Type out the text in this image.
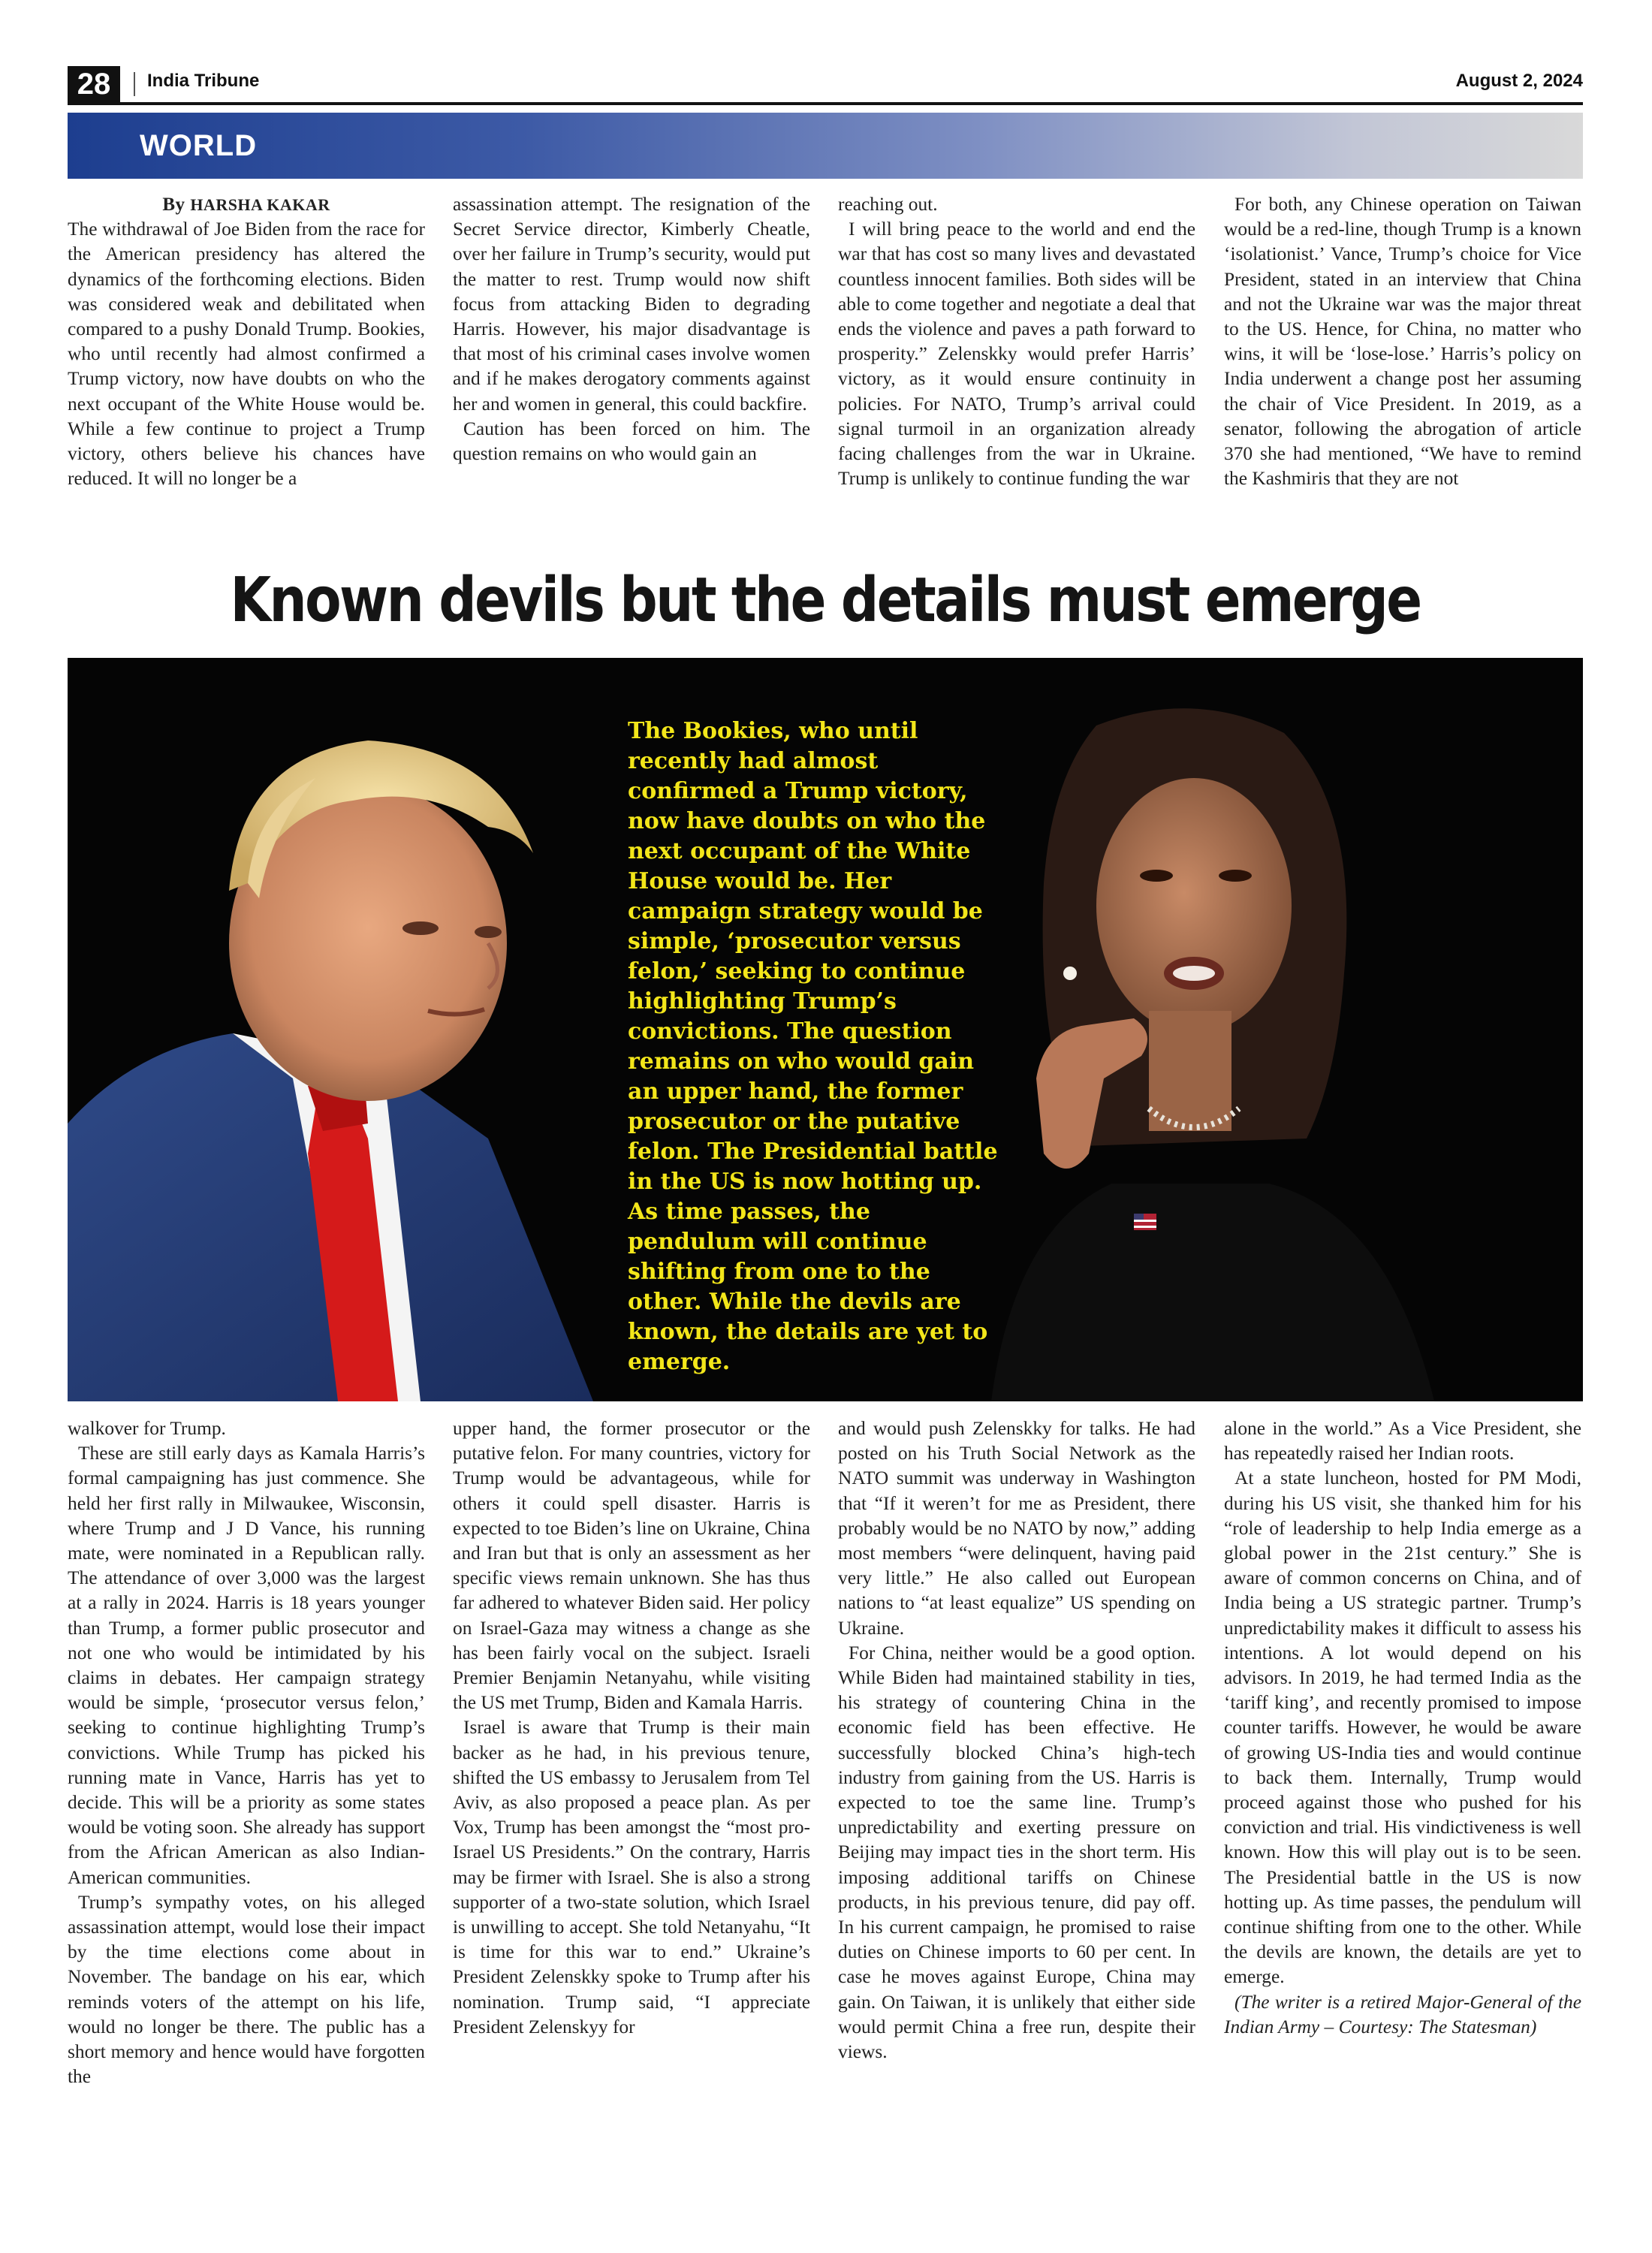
28	India Tribune	August 2, 2024
WORLD
By HARSHA KAKAR

The withdrawal of Joe Biden from the race for the American presidency has altered the dynamics of the forthcoming elections. Biden was considered weak and debilitated when compared to a pushy Donald Trump. Bookies, who until recently had almost confirmed a Trump victory, now have doubts on who the next occupant of the White House would be. While a few continue to project a Trump victory, others believe his chances have reduced. It will no longer be a

assassination attempt. The resignation of the Secret Service director, Kimberly Cheatle, over her failure in Trump’s security, would put the matter to rest. Trump would now shift focus from attacking Biden to degrading Harris. However, his major disadvantage is that most of his criminal cases involve women and if he makes derogatory comments against her and women in general, this could backfire.

Caution has been forced on him. The question remains on who would gain an

reaching out.

I will bring peace to the world and end the war that has cost so many lives and devastated countless innocent families. Both sides will be able to come together and negotiate a deal that ends the violence and paves a path forward to prosperity.” Zelenskky would prefer Harris’ victory, as it would ensure continuity in policies. For NATO, Trump’s arrival could signal turmoil in an organization already facing challenges from the war in Ukraine. Trump is unlikely to continue funding the war

For both, any Chinese operation on Taiwan would be a red-line, though Trump is a known ‘isolationist.’ Vance, Trump’s choice for Vice President, stated in an interview that China and not the Ukraine war was the major threat to the US. Hence, for China, no matter who wins, it will be ‘lose-lose.’ Harris’s policy on India underwent a change post her assuming the chair of Vice President. In 2019, as a senator, following the abrogation of article 370 she had mentioned, “We have to remind the Kashmiris that they are not

Known devils but the details must emerge
The Bookies, who until recently had almost confirmed a Trump victory, now have doubts on who the next occupant of the White House would be. Her campaign strategy would be simple, ‘prosecutor versus felon,’ seeking to continue highlighting Trump’s convictions. The question remains on who would gain an upper hand, the former prosecutor or the putative felon. The Presidential battle in the US is now hotting up. As time passes, the pendulum will continue shifting from one to the other. While the devils are known, the details are yet to emerge.

walkover for Trump.

These are still early days as Kamala Harris’s formal campaigning has just commence. She held her first rally in Milwaukee, Wisconsin, where Trump and J D Vance, his running mate, were nominated in a Republican rally. The attendance of over 3,000 was the largest at a rally in 2024. Harris is 18 years younger than Trump, a former public prosecutor and not one who would be intimidated by his claims in debates. Her campaign strategy would be simple, ‘prosecutor versus felon,’ seeking to continue highlighting Trump’s convictions. While Trump has picked his running mate in Vance, Harris has yet to decide. This will be a priority as some states would be voting soon. She already has support from the African American as also Indian-American communities.

Trump’s sympathy votes, on his alleged assassination attempt, would lose their impact by the time elections come about in November. The bandage on his ear, which reminds voters of the attempt on his life, would no longer be there. The public has a short memory and hence would have forgotten the

upper hand, the former prosecutor or the putative felon. For many countries, victory for Trump would be advantageous, while for others it could spell disaster. Harris is expected to toe Biden’s line on Ukraine, China and Iran but that is only an assessment as her specific views remain unknown. She has thus far adhered to whatever Biden said. Her policy on Israel-Gaza may witness a change as she has been fairly vocal on the subject. Israeli Premier Benjamin Netanyahu, while visiting the US met Trump, Biden and Kamala Harris.

Israel is aware that Trump is their main backer as he had, in his previous tenure, shifted the US embassy to Jerusalem from Tel Aviv, as also proposed a peace plan. As per Vox, Trump has been amongst the “most pro-Israel US Presidents.” On the contrary, Harris may be firmer with Israel. She is also a strong supporter of a two-state solution, which Israel is unwilling to accept. She told Netanyahu, “It is time for this war to end.” Ukraine’s President Zelenskky spoke to Trump after his nomination. Trump said, “I appreciate President Zelenskyy for

and would push Zelenskky for talks. He had posted on his Truth Social Network as the NATO summit was underway in Washington that “If it weren’t for me as President, there probably would be no NATO by now,” adding most members “were delinquent, having paid very little.” He also called out European nations to “at least equalize” US spending on Ukraine.

For China, neither would be a good option. While Biden had maintained stability in ties, his strategy of countering China in the economic field has been effective. He successfully blocked China’s high-tech industry from gaining from the US. Harris is expected to toe the same line. Trump’s unpredictability and exerting pressure on Beijing may impact ties in the short term. His imposing additional tariffs on Chinese products, in his previous tenure, did pay off. In his current campaign, he promised to raise duties on Chinese imports to 60 per cent. In case he moves against Europe, China may gain. On Taiwan, it is unlikely that either side would permit China a free run, despite their views.

alone in the world.” As a Vice President, she has repeatedly raised her Indian roots.

At a state luncheon, hosted for PM Modi, during his US visit, she thanked him for his “role of leadership to help India emerge as a global power in the 21st century.” She is aware of common concerns on China, and of India being a US strategic partner. Trump’s unpredictability makes it difficult to assess his intentions. A lot would depend on his advisors. In 2019, he had termed India as the ‘tariff king’, and recently promised to impose counter tariffs. However, he would be aware of growing US-India ties and would continue to back them. Internally, Trump would proceed against those who pushed for his conviction and trial. His vindictiveness is well known. How this will play out is to be seen. The Presidential battle in the US is now hotting up. As time passes, the pendulum will continue shifting from one to the other. While the devils are known, the details are yet to emerge.

(The writer is a retired Major-General of the Indian Army – Courtesy: The Statesman)
